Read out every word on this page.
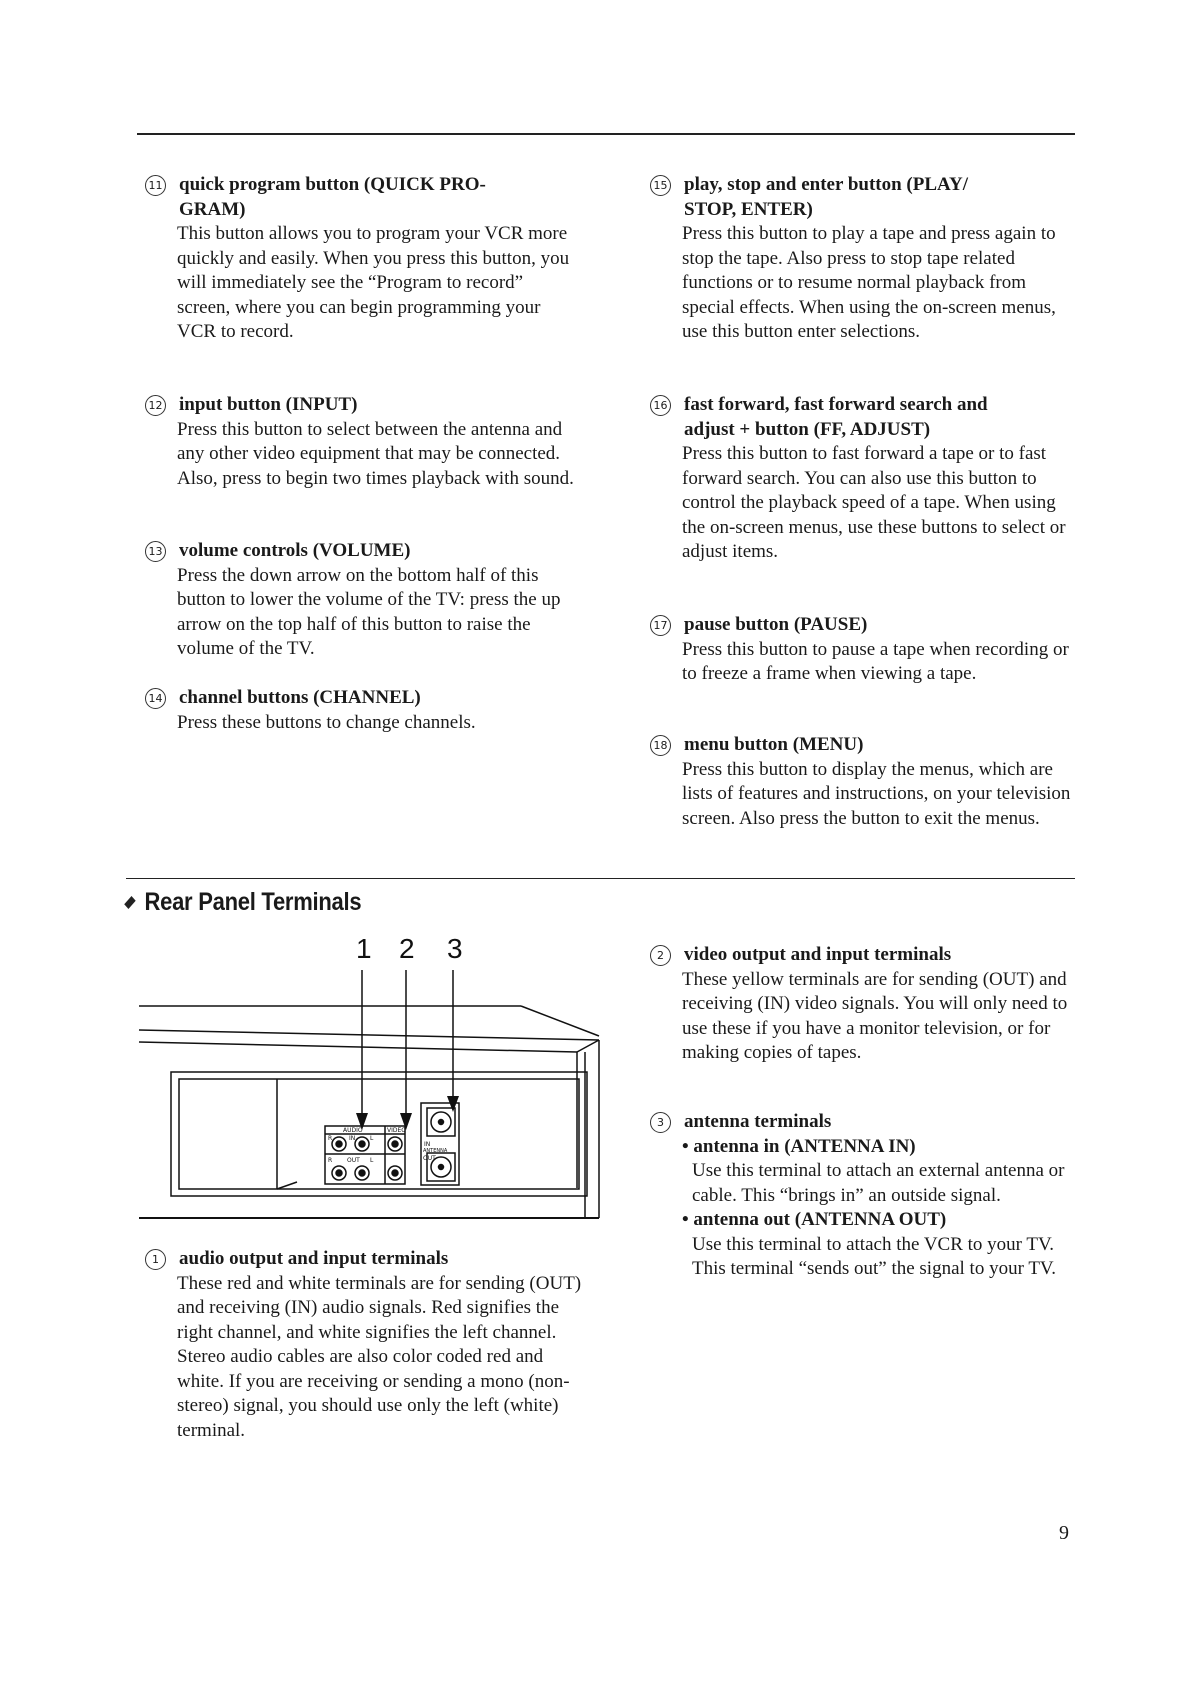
11 quick program button (QUICK PRO-
GRAM)

This button allows you to program your VCR more quickly and easily. When you press this button, you will immediately see the “Program to record” screen, where you can begin programming your VCR to record.

12 input button (INPUT)

Press this button to select between the antenna and any other video equipment that may be connected. Also, press to begin two times playback with sound.

13 volume controls (VOLUME)

Press the down arrow on the bottom half of this button to lower the volume of the TV: press the up arrow on the top half of this button to raise the volume of the TV.

14 channel buttons (CHANNEL)

Press these buttons to change channels.

15 play, stop and enter button (PLAY/
STOP, ENTER)

Press this button to play a tape and press again to stop the tape. Also press to stop tape related functions or to resume normal playback from special effects. When using the on-screen menus, use this button enter selections.

16 fast forward, fast forward search and
adjust + button (FF, ADJUST)

Press this button to fast forward a tape or to fast forward search. You can also use this button to control the playback speed of a tape. When using the on-screen menus, use these buttons to select or adjust items.

17 pause button (PAUSE)

Press this button to pause a tape when recording or to freeze a frame when viewing a tape.

18 menu button (MENU)

Press this button to display the menus, which are lists of features and instructions, on your television screen. Also press the button to exit the menus.

Rear Panel Terminals
1 2 3
AUDIO	VIDEO
R	IN L
R OUT L
IN
ANTENNA
OUT
1	audio output and input terminals

These red and white terminals are for sending (OUT) and receiving (IN) audio signals. Red signifies the right channel, and white signifies the left channel. Stereo audio cables are also color coded red and white. If you are receiving or sending a mono (non-stereo) signal, you should use only the left (white) terminal.

2	video output and input terminals

These yellow terminals are for sending (OUT) and receiving (IN) video signals. You will only need to use these if you have a monitor television, or for making copies of tapes.

3	antenna terminals
• antenna in (ANTENNA IN)

Use this terminal to attach an external antenna or cable. This “brings in” an outside signal.

• antenna out (ANTENNA OUT)

Use this terminal to attach the VCR to your TV. This terminal “sends out” the signal to your TV.

9
